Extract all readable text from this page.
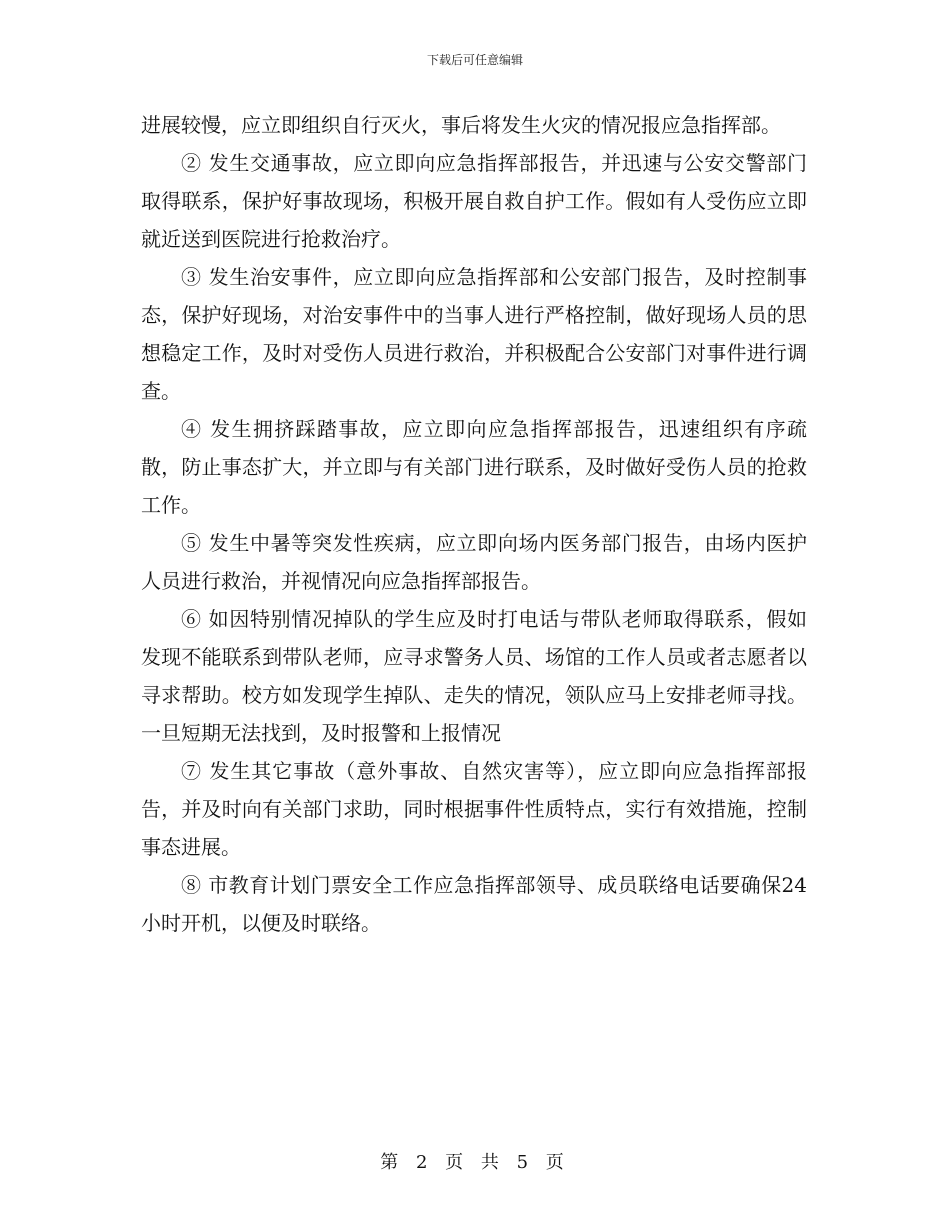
下载后可任意编辑

进展较慢，应立即组织自行灭火，事后将发生火灾的情况报应急指挥部。

② 发生交通事故，应立即向应急指挥部报告，并迅速与公安交警部门取得联系，保护好事故现场，积极开展自救自护工作。假如有人受伤应立即就近送到医院进行抢救治疗。

③ 发生治安事件，应立即向应急指挥部和公安部门报告，及时控制事态，保护好现场，对治安事件中的当事人进行严格控制，做好现场人员的思想稳定工作，及时对受伤人员进行救治，并积极配合公安部门对事件进行调查。

④ 发生拥挤踩踏事故，应立即向应急指挥部报告，迅速组织有序疏散，防止事态扩大，并立即与有关部门进行联系，及时做好受伤人员的抢救工作。

⑤ 发生中暑等突发性疾病，应立即向场内医务部门报告，由场内医护人员进行救治，并视情况向应急指挥部报告。

⑥ 如因特别情况掉队的学生应及时打电话与带队老师取得联系，假如发现不能联系到带队老师，应寻求警务人员、场馆的工作人员或者志愿者以寻求帮助。校方如发现学生掉队、走失的情况，领队应马上安排老师寻找。一旦短期无法找到，及时报警和上报情况

⑦ 发生其它事故（意外事故、自然灾害等），应立即向应急指挥部报告，并及时向有关部门求助，同时根据事件性质特点，实行有效措施，控制事态进展。

⑧ 市教育计划门票安全工作应急指挥部领导、成员联络电话要确保24小时开机，以便及时联络。

第 2 页 共 5 页
